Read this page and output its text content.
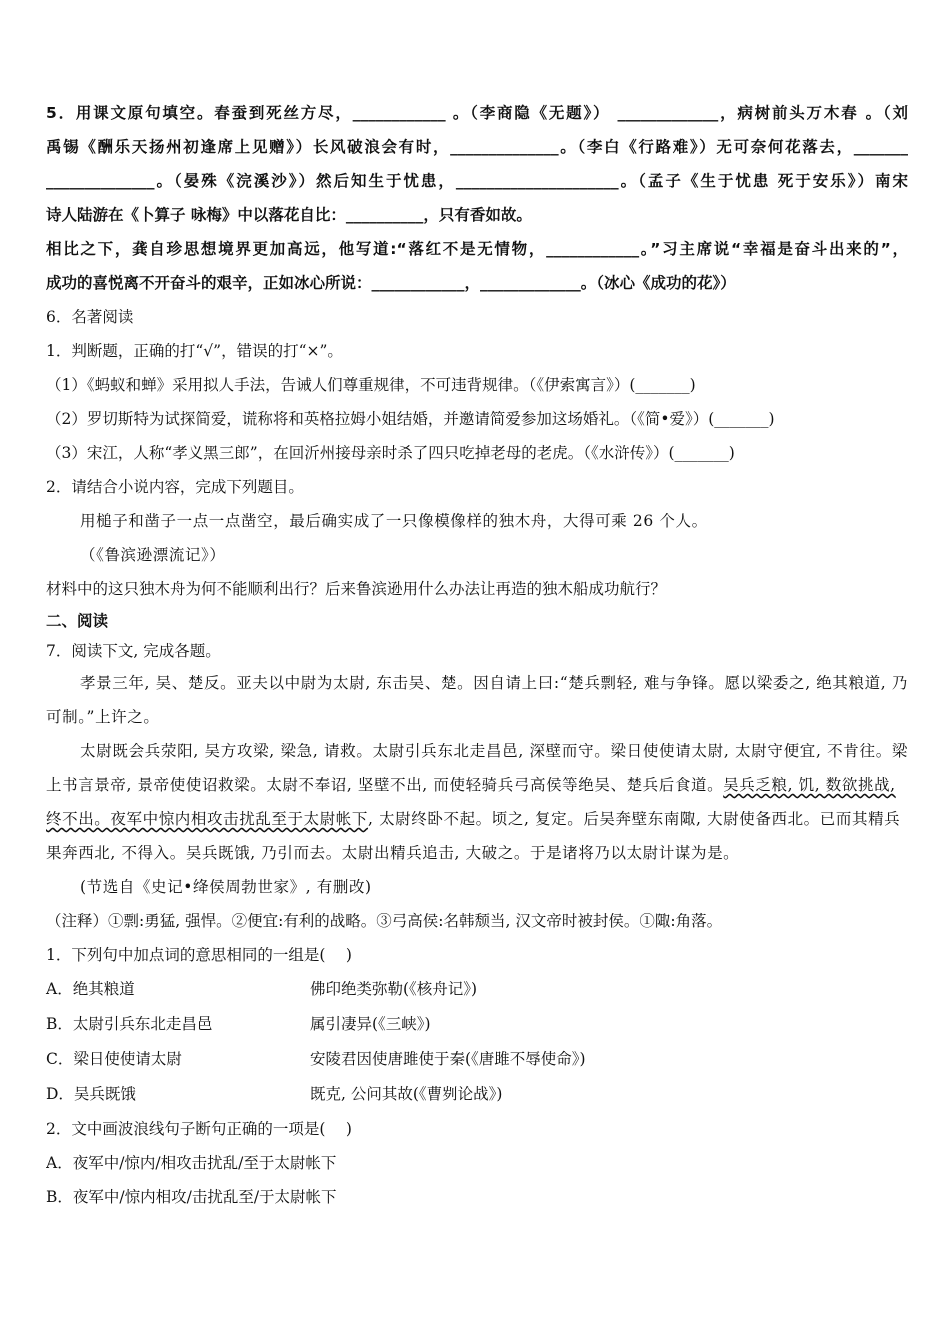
5．用课文原句填空。春蚕到死丝方尽，____________ 。（李商隐《无题》） _____________，病树前头万木春 。（刘
禹锡《酬乐天扬州初逢席上见赠》）长风破浪会有时，______________。（李白《行路难》）无可奈何花落去，_______
______________。（晏殊《浣溪沙》）然后知生于忧患，_____________________。（孟子《生于忧患 死于安乐》）南宋
诗人陆游在《卜算子 咏梅》中以落花自比：__________，只有香如故。
相比之下，龚自珍思想境界更加高远，他写道:“落红不是无情物，____________。”习主席说“幸福是奋斗出来的”，
成功的喜悦离不开奋斗的艰辛，正如冰心所说：____________，_____________。（冰心《成功的花》）
6．名著阅读
1．判断题，正确的打“√”，错误的打“×”。
（1）《蚂蚁和蝉》采用拟人手法，告诫人们尊重规律，不可违背规律。（《伊索寓言》）(_______)
（2）罗切斯特为试探简爱，谎称将和英格拉姆小姐结婚，并邀请简爱参加这场婚礼。（《简•爱》）(_______)
（3）宋江，人称“孝义黑三郎”，在回沂州接母亲时杀了四只吃掉老母的老虎。（《水浒传》）(_______)
2．请结合小说内容，完成下列题目。
用槌子和凿子一点一点凿空，最后确实成了一只像模像样的独木舟，大得可乘 26 个人。
（《鲁滨逊漂流记》）
材料中的这只独木舟为何不能顺利出行？后来鲁滨逊用什么办法让再造的独木船成功航行？
二、阅读
7．阅读下文, 完成各题。
孝景三年, 吴、楚反。亚夫以中尉为太尉, 东击吴、楚。因自请上曰:“楚兵剽轻, 难与争锋。愿以梁委之, 绝其粮道, 乃
可制。”上许之。
太尉既会兵荥阳, 吴方攻梁, 梁急, 请救。太尉引兵东北走昌邑, 深壁而守。梁日使使请太尉, 太尉守便宜, 不肯往。梁
上书言景帝, 景帝使使诏救梁。太尉不奉诏, 坚壁不出, 而使轻骑兵弓高侯等绝吴、楚兵后食道。吴兵乏粮, 饥, 数欲挑战,
终不出。夜军中惊内相攻击扰乱至于太尉帐下, 太尉终卧不起。顷之, 复定。后吴奔壁东南陬, 大尉使备西北。已而其精兵
果奔西北, 不得入。吴兵既饿, 乃引而去。太尉出精兵追击, 大破之。于是诸将乃以太尉计谋为是。
(节选自《史记•绛侯周勃世家》, 有删改)
（注释）①剽:勇猛, 强悍。②便宜:有利的战略。③弓高侯:名韩颓当, 汉文帝时被封侯。①陬:角落。
1．下列句中加点词的意思相同的一组是(　 )
A．绝其粮道	佛印绝类弥勒(《核舟记》)
B．太尉引兵东北走昌邑	属引凄异(《三峡》)
C．梁日使使请太尉	安陵君因使唐雎使于秦(《唐雎不辱使命》)
D．吴兵既饿	既克, 公问其故(《曹刿论战》)
2．文中画波浪线句子断句正确的一项是(　 )
A．夜军中/惊内/相攻击扰乱/至于太尉帐下
B．夜军中/惊内相攻/击扰乱至/于太尉帐下
